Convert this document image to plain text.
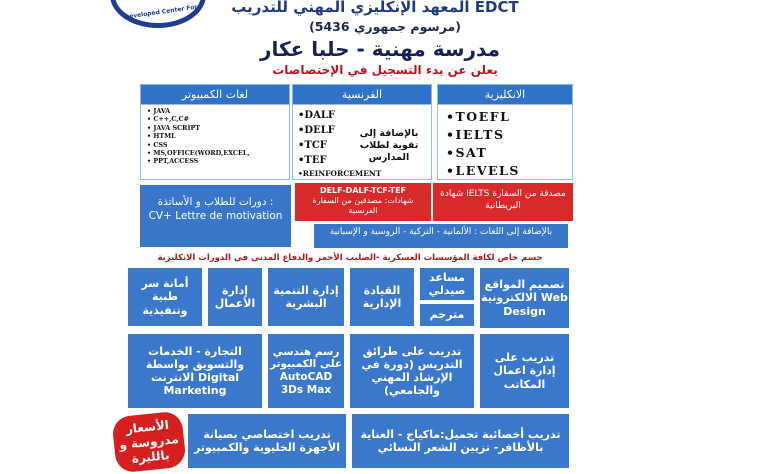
Developed Center For	المعهد الإنكليزي المهني للتدريب EDCT
(مرسوم جمهوري 5436)
مدرسة مهنية - حلبا عكار
يعلن عن بدء التسجيل في الإختصاصات
لغات الكمبيوتر
• JAVA
• C++,C,C#
• JAVA SCRIPT
• HTML
• CSS
• MS,OFFICE(WORD,EXCEL,
• PPT,ACCESS
الفرنسية
•DALF
•DELF
•TCF
•TEF
•REINFORCEMENT
بالإضافة إلى تقوية لطلاب المدارس
الانكليزية
•TOEFL
•IELTS
•SAT
•LEVELS
DELF-DALF-TCF-TEF
شهادات: مصدقين من السفارة الفرنسية
شهادة IELTS مصدقة من السفارة البريطانية
دورات للطلاب و الأساتذة : CV+ Lettre de motivation
بالإضافة إلى اللغات : الألمانية - التركية - الروسية و الإسبانية
حسم خاص لكافة المؤسسات العسكرية -الصليب الأحمر والدفاع المدني في الدورات الانكليزية
تصميم المواقع الالكترونية Web Design
مساعد صيدلي
مترجم
القيادة الإدارية
إدارة التنمية البشرية
إدارة الأعمال
أمانة سر طبية وتنفيذية
تدريب على إدارة اعمال المكاتب
تدريب على طرائق التدريس (دورة في الإرشاد المهني والجامعي)
رسم هندسي على الكمبيوتر AutoCAD 3Ds Max
التجارة - الخدمات والتسويق بواسطة الانترنت Digital Marketing
تدريب أخصائية تجميل:ماكياج - العناية بالأظافر- تزيين الشعر النسائي
تدريب اختصاصي بصيانة الأجهزة الخليوية والكمبيوتر
الأسعار مدروسة و بالليرة
